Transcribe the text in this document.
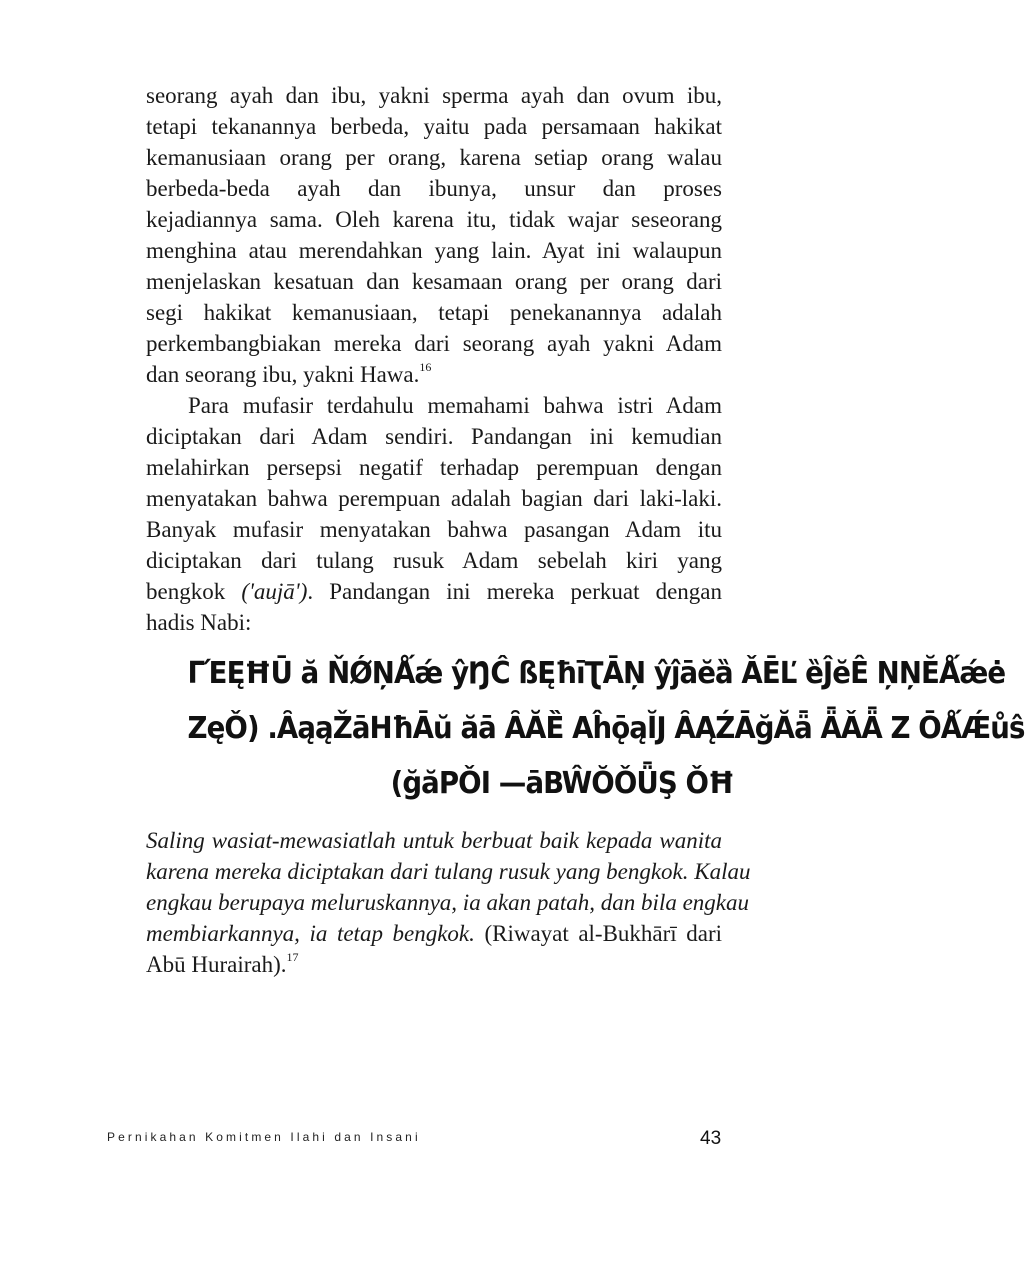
seorang ayah dan ibu, yakni sperma ayah dan ovum ibu,
tetapi tekanannya berbeda, yaitu pada persamaan hakikat
kemanusiaan orang per orang, karena setiap orang walau
berbeda-beda ayah dan ibunya, unsur dan proses
kejadiannya sama. Oleh karena itu, tidak wajar seseorang
menghina atau merendahkan yang lain. Ayat ini walaupun
menjelaskan kesatuan dan kesamaan orang per orang dari
segi hakikat kemanusiaan, tetapi penekanannya adalah
perkembangbiakan mereka dari seorang ayah yakni Adam
dan seorang ibu, yakni Hawa.$^{16}$
Para mufasir terdahulu memahami bahwa istri Adam
diciptakan dari Adam sendiri. Pandangan ini kemudian
melahirkan persepsi negatif terhadap perempuan dengan
menyatakan bahwa perempuan adalah bagian dari laki-laki.
Banyak mufasir menyatakan bahwa pasangan Adam itu
diciptakan dari tulang rusuk Adam sebelah kiri yang
bengkok ('aujā'). Pandangan ini mereka perkuat dengan
hadis Nabi:
ΓΈĘĦŪ ă ŇǾŅǺǽ ŷŊĈ ßĘħīƮĀŅ ŷĵāĕȁ ǍĒĽ ȅĴĕÊ ŅŅĔǺǽė
ZęǑ) .ȂąąŽāHħĀŭ ăā ȂĂȄ AĥǭąĬJ ȂĄŹĀğĂǟ ǞǍǞ Z ŌǺǼůŝ
(ğăPǑI —āBŴŎǑǕŞ ǑĦ
Saling wasiat-mewasiatlah untuk berbuat baik kepada wanita
karena mereka diciptakan dari tulang rusuk yang bengkok. Kalau
engkau berupaya meluruskannya, ia akan patah, dan bila engkau
membiarkannya, ia tetap bengkok. (Riwayat al-Bukhārī dari
Abū Hurairah).$^{17}$
Pernikahan Komitmen Ilahi dan Insani	43
